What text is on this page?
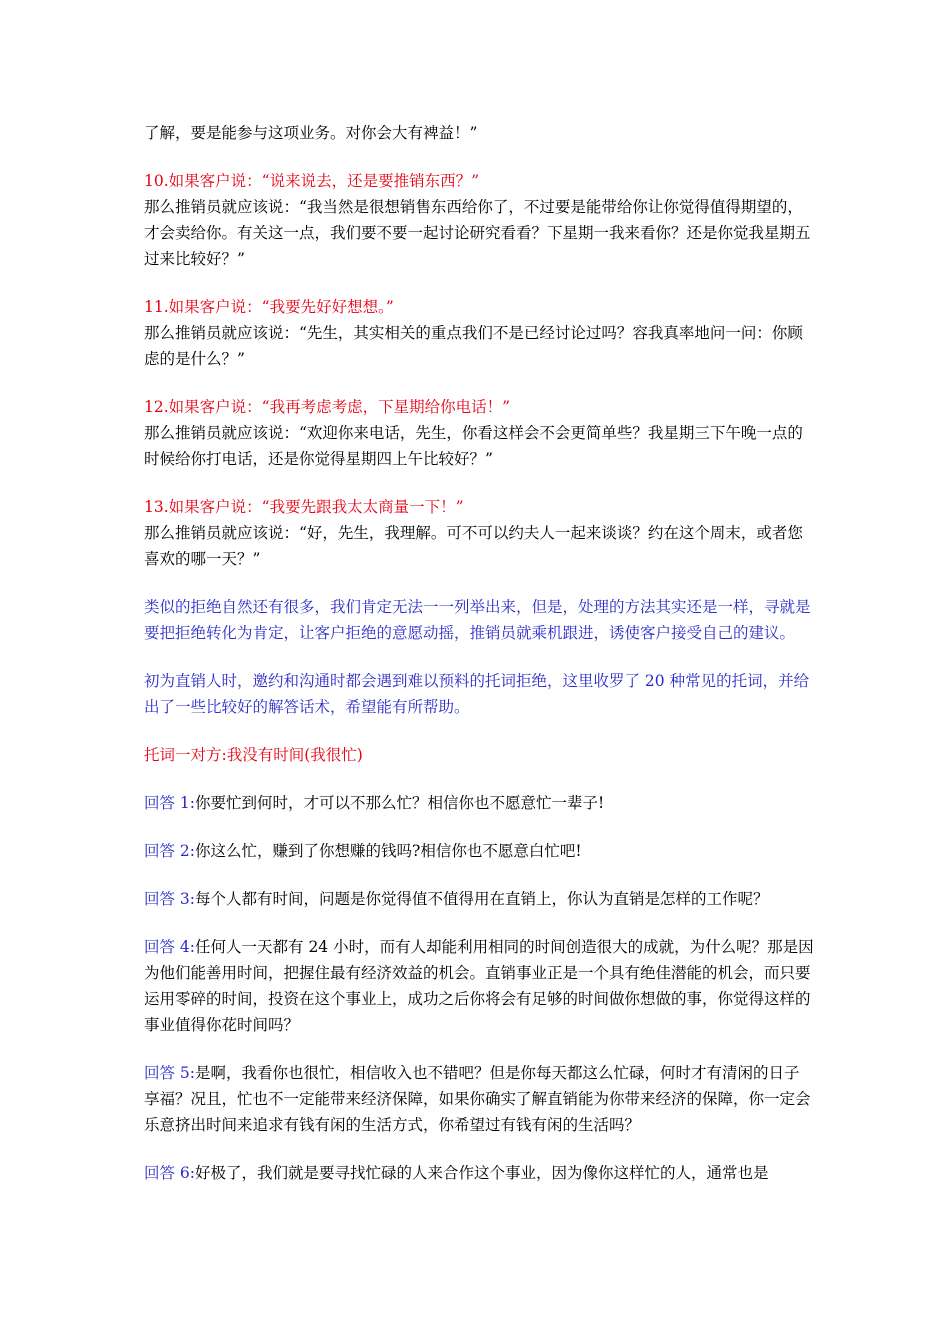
了解，要是能参与这项业务。对你会大有裨益！”

10.如果客户说：“说来说去，还是要推销东西？”

那么推销员就应该说：“我当然是很想销售东西给你了，不过要是能带给你让你觉得值得期望的，才会卖给你。有关这一点，我们要不要一起讨论研究看看？下星期一我来看你？还是你觉我星期五过来比较好？”

11.如果客户说：“我要先好好想想。”

那么推销员就应该说：“先生，其实相关的重点我们不是已经讨论过吗？容我真率地问一问：你顾虑的是什么？”

12.如果客户说：“我再考虑考虑，下星期给你电话！”

那么推销员就应该说：“欢迎你来电话，先生，你看这样会不会更简单些？我星期三下午晚一点的时候给你打电话，还是你觉得星期四上午比较好？”

13.如果客户说：“我要先跟我太太商量一下！”

那么推销员就应该说：“好，先生，我理解。可不可以约夫人一起来谈谈？约在这个周末，或者您喜欢的哪一天？”

类似的拒绝自然还有很多，我们肯定无法一一列举出来，但是，处理的方法其实还是一样，寻就是要把拒绝转化为肯定，让客户拒绝的意愿动摇，推销员就乘机跟进，诱使客户接受自己的建议。

初为直销人时，邀约和沟通时都会遇到难以预料的托词拒绝，这里收罗了 20 种常见的托词，并给出了一些比较好的解答话术，希望能有所帮助。

托词一对方:我没有时间(我很忙)

回答 1:你要忙到何时，才可以不那么忙？相信你也不愿意忙一辈子!

回答 2:你这么忙，赚到了你想赚的钱吗?相信你也不愿意白忙吧!

回答 3:每个人都有时间，问题是你觉得值不值得用在直销上，你认为直销是怎样的工作呢？

回答 4:任何人一天都有 24 小时，而有人却能利用相同的时间创造很大的成就，为什么呢？那是因为他们能善用时间，把握住最有经济效益的机会。直销事业正是一个具有绝佳潜能的机会，而只要运用零碎的时间，投资在这个事业上，成功之后你将会有足够的时间做你想做的事，你觉得这样的事业值得你花时间吗？

回答 5:是啊，我看你也很忙，相信收入也不错吧？但是你每天都这么忙碌，何时才有清闲的日子享福？况且，忙也不一定能带来经济保障，如果你确实了解直销能为你带来经济的保障，你一定会乐意挤出时间来追求有钱有闲的生活方式，你希望过有钱有闲的生活吗？

回答 6:好极了，我们就是要寻找忙碌的人来合作这个事业，因为像你这样忙的人，通常也是
